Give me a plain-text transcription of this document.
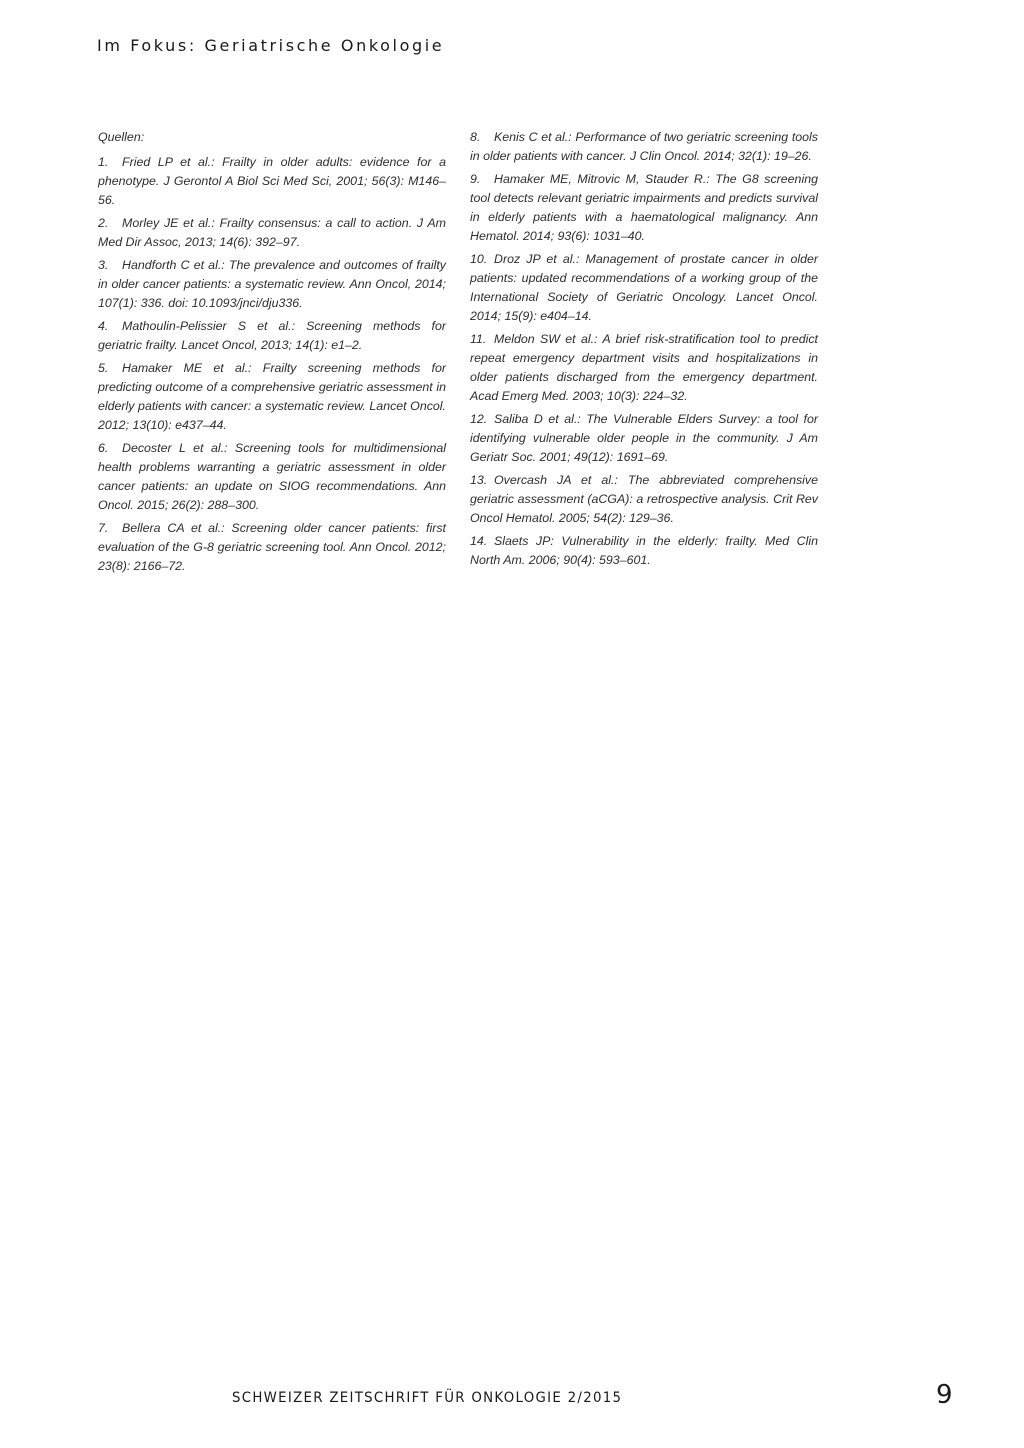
Im Fokus: Geriatrische Onkologie

Quellen:

1. Fried LP et al.: Frailty in older adults: evidence for a phenotype. J Gerontol A Biol Sci Med Sci, 2001; 56(3): M146–56.

2. Morley JE et al.: Frailty consensus: a call to action. J Am Med Dir Assoc, 2013; 14(6): 392–97.

3. Handforth C et al.: The prevalence and outcomes of frailty in older cancer patients: a systematic review. Ann Oncol, 2014; 107(1): 336. doi: 10.1093/jnci/dju336.

4. Mathoulin-Pelissier S et al.: Screening methods for geriatric frailty. Lancet Oncol, 2013; 14(1): e1–2.

5. Hamaker ME et al.: Frailty screening methods for predicting outcome of a comprehensive geriatric assessment in elderly patients with cancer: a systematic review. Lancet Oncol. 2012; 13(10): e437–44.

6. Decoster L et al.: Screening tools for multidimensional health problems warranting a geriatric assessment in older cancer patients: an update on SIOG recommendations. Ann Oncol. 2015; 26(2): 288–300.

7. Bellera CA et al.: Screening older cancer patients: first evaluation of the G-8 geriatric screening tool. Ann Oncol. 2012; 23(8): 2166–72.

8. Kenis C et al.: Performance of two geriatric screening tools in older patients with cancer. J Clin Oncol. 2014; 32(1): 19–26.

9. Hamaker ME, Mitrovic M, Stauder R.: The G8 screening tool detects relevant geriatric impairments and predicts survival in elderly patients with a haematological malignancy. Ann Hematol. 2014; 93(6): 1031–40.

10. Droz JP et al.: Management of prostate cancer in older patients: updated recommendations of a working group of the International Society of Geriatric Oncology. Lancet Oncol. 2014; 15(9): e404–14.

11. Meldon SW et al.: A brief risk-stratification tool to predict repeat emergency department visits and hospitalizations in older patients discharged from the emergency department. Acad Emerg Med. 2003; 10(3): 224–32.

12. Saliba D et al.: The Vulnerable Elders Survey: a tool for identifying vulnerable older people in the community. J Am Geriatr Soc. 2001; 49(12): 1691–69.

13. Overcash JA et al.: The abbreviated comprehensive geriatric assessment (aCGA): a retrospective analysis. Crit Rev Oncol Hematol. 2005; 54(2): 129–36.

14. Slaets JP: Vulnerability in the elderly: frailty. Med Clin North Am. 2006; 90(4): 593–601.

SCHWEIZER ZEITSCHRIFT FÜR ONKOLOGIE 2/2015	9
